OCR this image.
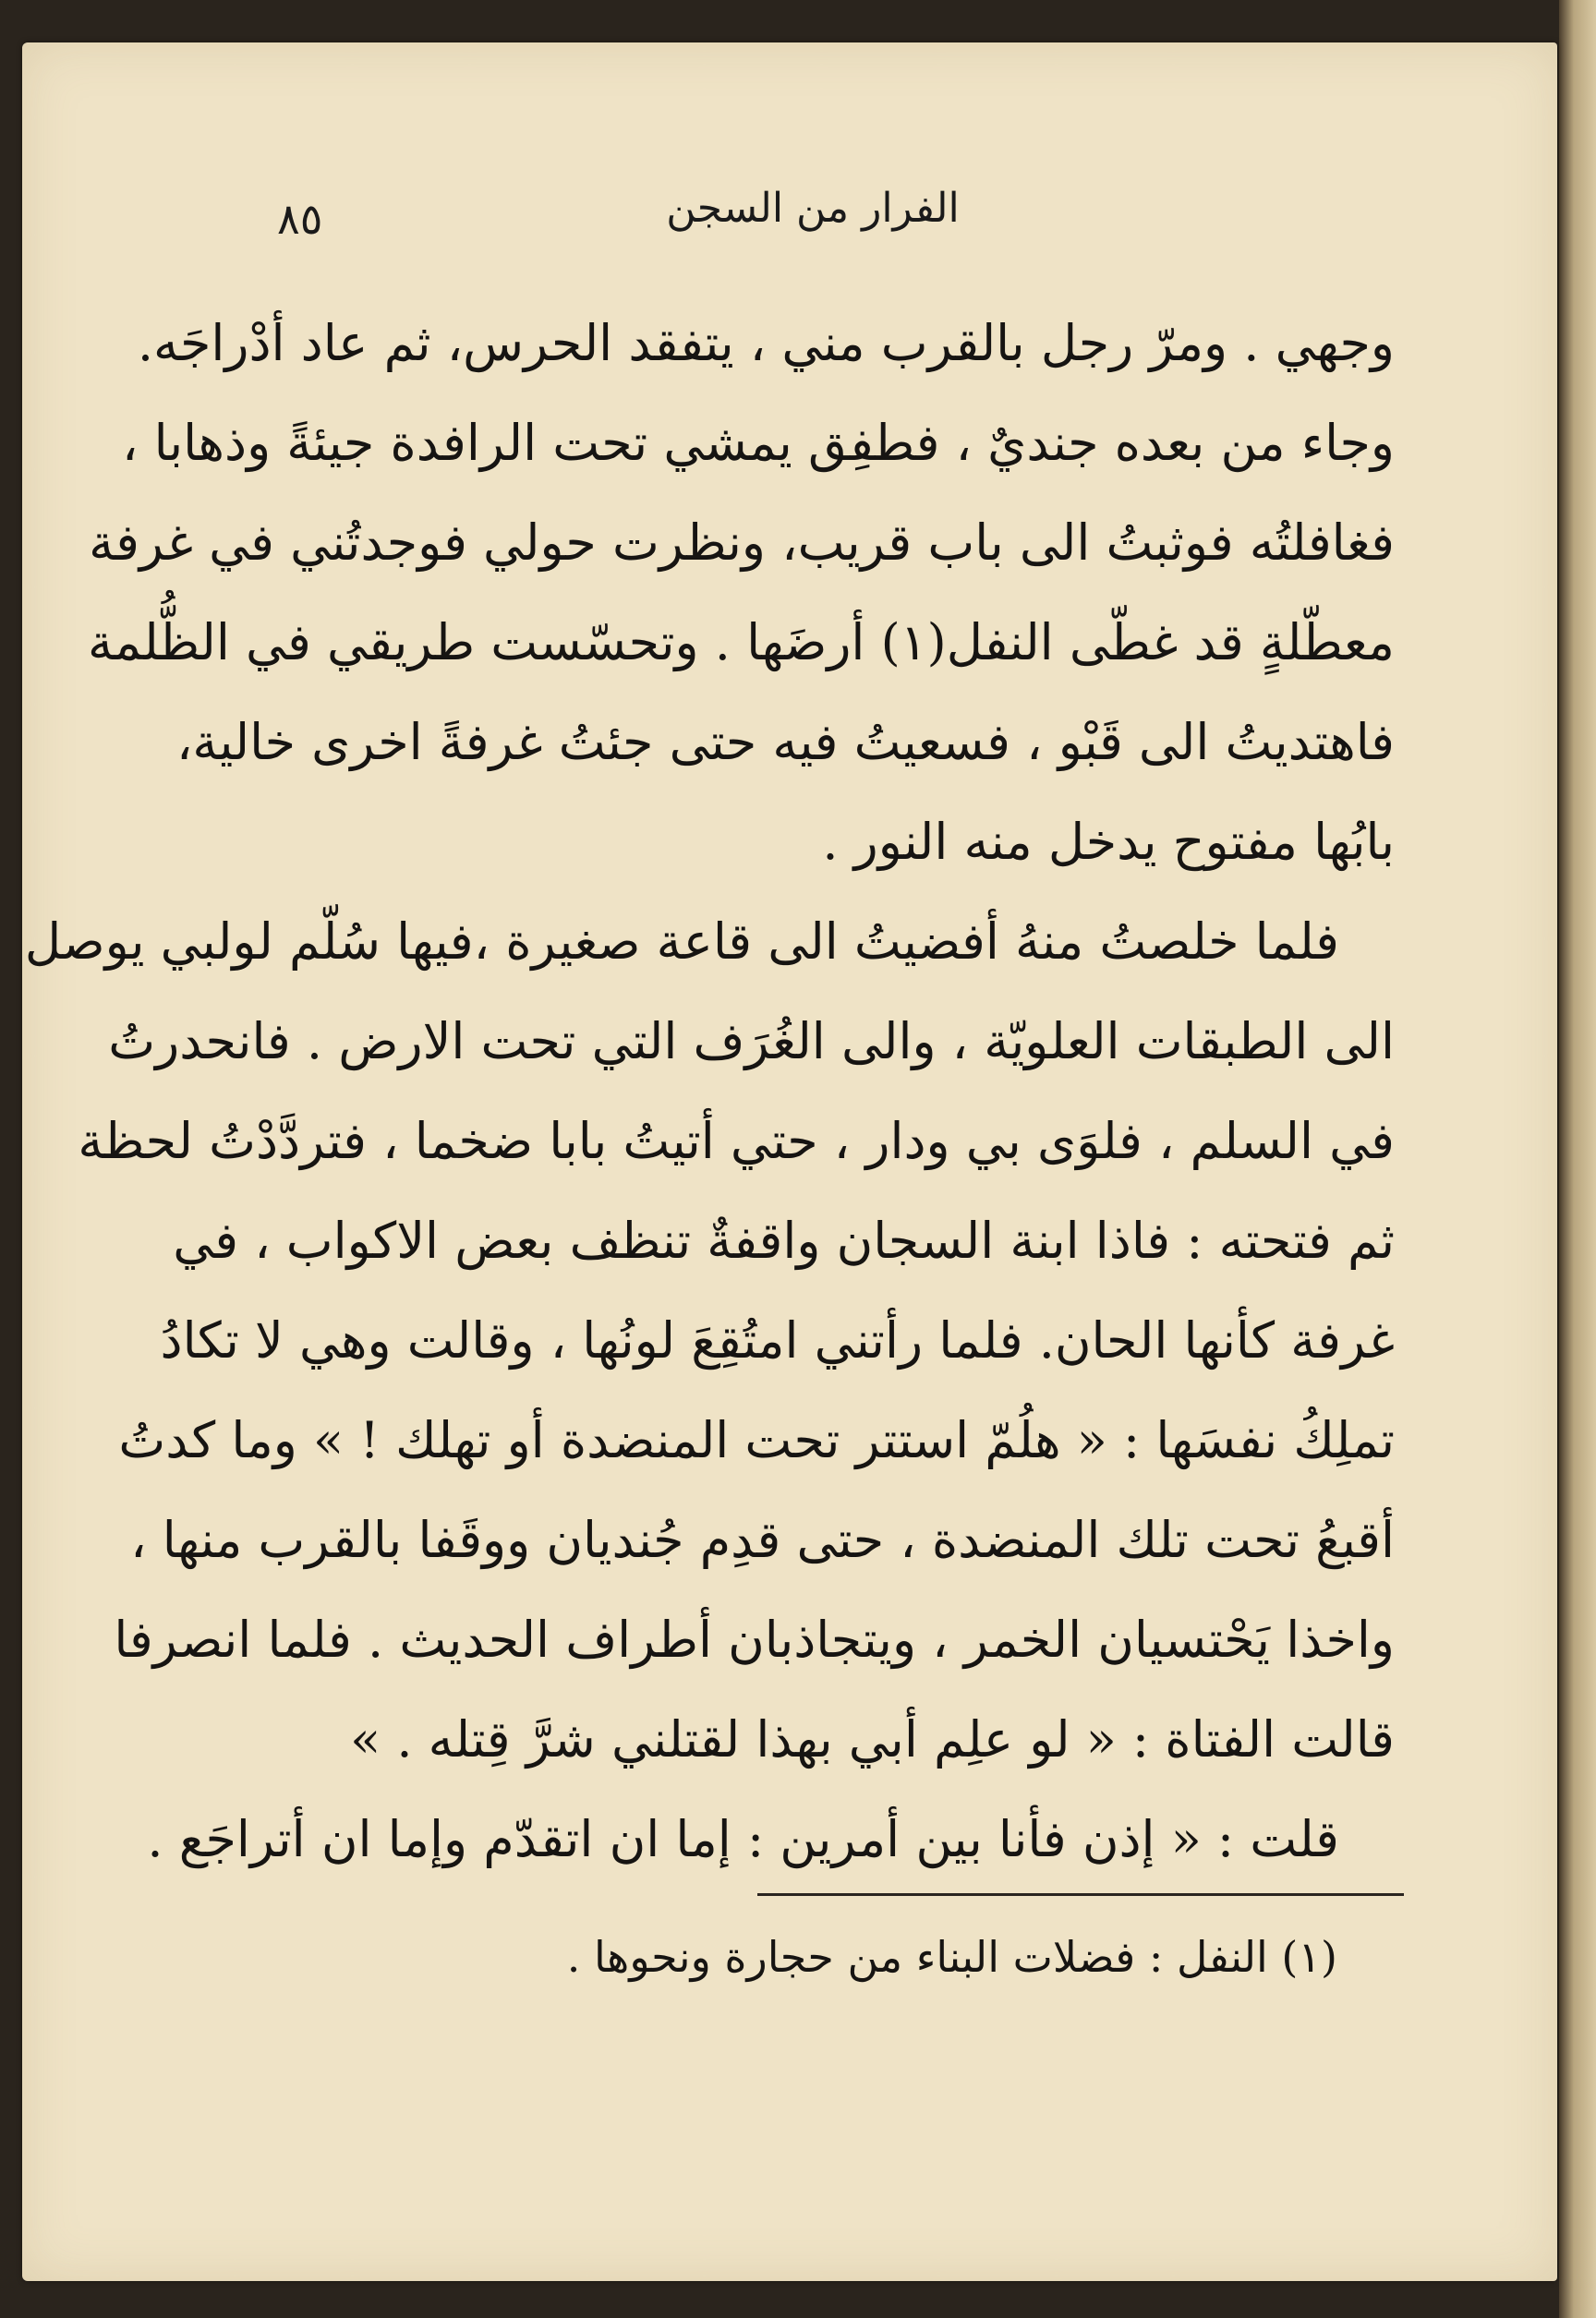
٨٥	الفرار من السجن
وجهي . ومرّ رجل بالقرب مني ، يتفقد الحرس، ثم عاد أدْراجَه.
وجاء من بعده جنديٌ ، فطفِق يمشي تحت الرافدة جيئةً وذهابا ،
فغافلتُه فوثبتُ الى باب قريب، ونظرت حولي فوجدتُني في غرفة
معطّلةٍ قد غطّى النفل(١) أرضَها . وتحسّست طريقي في الظُّلمة
فاهتديتُ الى قَبْو ، فسعيتُ فيه حتى جئتُ غرفةً اخرى خالية،
بابُها مفتوح يدخل منه النور .
فلما خلصتُ منهُ أفضيتُ الى قاعة صغيرة ،فيها سُلّم لولبي يوصل
الى الطبقات العلويّة ، والى الغُرَف التي تحت الارض . فانحدرتُ
في السلم ، فلوَى بي ودار ، حتي أتيتُ بابا ضخما ، فتردَّدْتُ لحظة
ثم فتحته : فاذا ابنة السجان واقفةٌ تنظف بعض الاكواب ، في
غرفة كأنها الحان. فلما رأتني امتُقِعَ لونُها ، وقالت وهي لا تكادُ
تملِكُ نفسَها : « هلُمّ استتر تحت المنضدة أو تهلك ! » وما كدتُ
أقبعُ تحت تلك المنضدة ، حتى قدِم جُنديان ووقَفا بالقرب منها ،
واخذا يَحْتسيان الخمر ، ويتجاذبان أطراف الحديث . فلما انصرفا
قالت الفتاة : « لو علِم أبي بهذا لقتلني شرَّ قِتله . »
قلت : « إذن فأنا بين أمرين : إما ان اتقدّم وإما ان أتراجَع .
(١) النفل : فضلات البناء من حجارة ونحوها .
